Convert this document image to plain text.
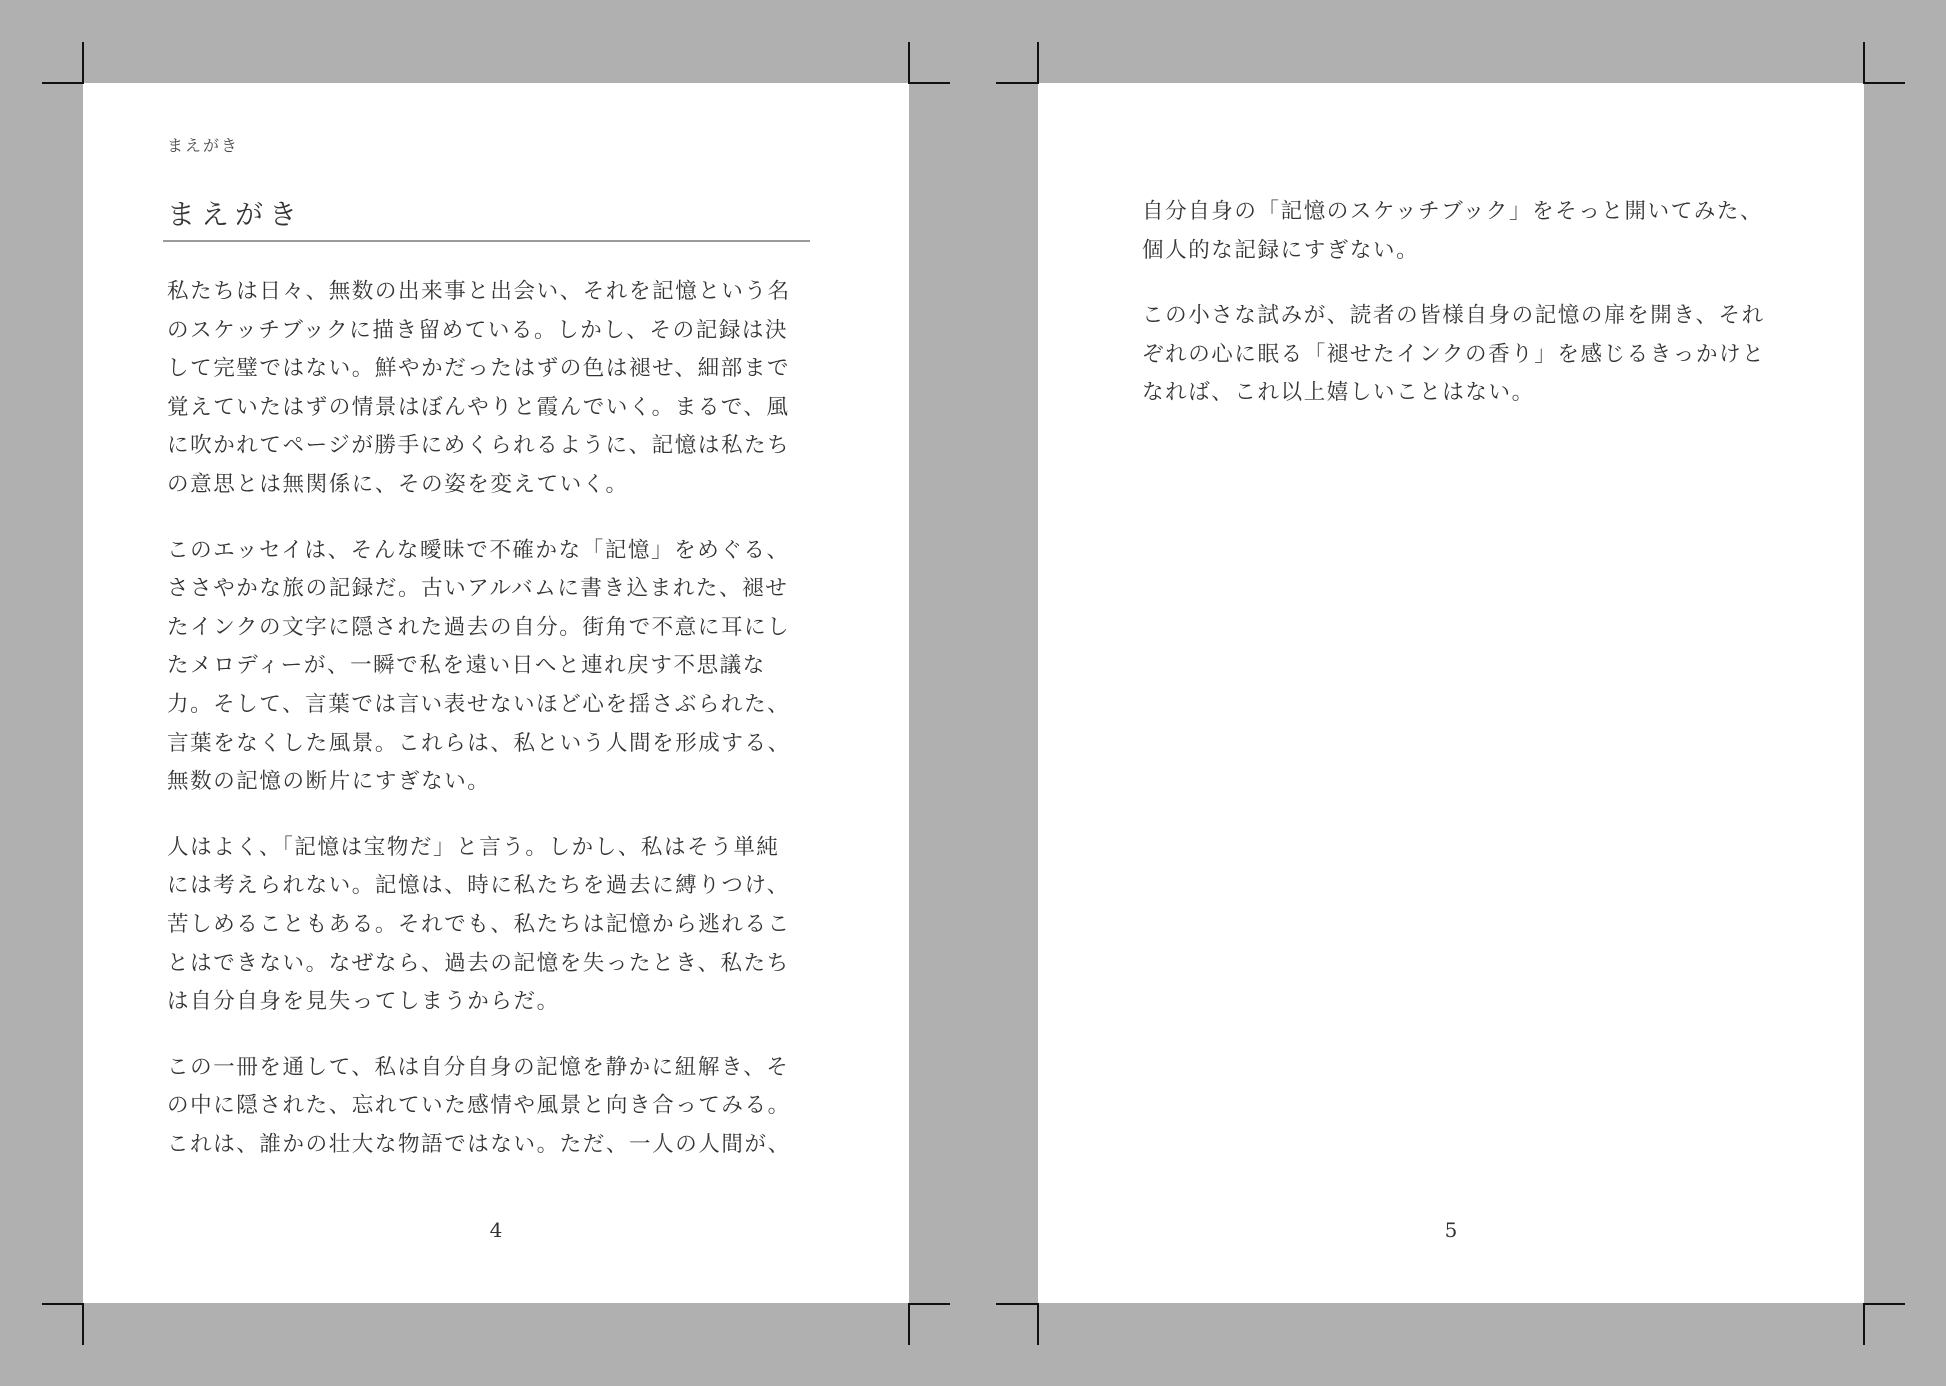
まえがき
まえがき

私たちは日々、無数の出来事と出会い、それを記憶という名
のスケッチブックに描き留めている。しかし、その記録は決
して完璧ではない。鮮やかだったはずの色は褪せ、細部まで
覚えていたはずの情景はぼんやりと霞んでいく。まるで、風
に吹かれてページが勝手にめくられるように、記憶は私たち
の意思とは無関係に、その姿を変えていく。

このエッセイは、そんな曖昧で不確かな「記憶」をめぐる、
ささやかな旅の記録だ。古いアルバムに書き込まれた、褪せ
たインクの文字に隠された過去の自分。街角で不意に耳にし
たメロディーが、一瞬で私を遠い日へと連れ戻す不思議な
力。そして、言葉では言い表せないほど心を揺さぶられた、
言葉をなくした風景。これらは、私という人間を形成する、
無数の記憶の断片にすぎない。

人はよく、「記憶は宝物だ」と言う。しかし、私はそう単純
には考えられない。記憶は、時に私たちを過去に縛りつけ、
苦しめることもある。それでも、私たちは記憶から逃れるこ
とはできない。なぜなら、過去の記憶を失ったとき、私たち
は自分自身を見失ってしまうからだ。

この一冊を通して、私は自分自身の記憶を静かに紐解き、そ
の中に隠された、忘れていた感情や風景と向き合ってみる。
これは、誰かの壮大な物語ではない。ただ、一人の人間が、

4

自分自身の「記憶のスケッチブック」をそっと開いてみた、
個人的な記録にすぎない。

この小さな試みが、読者の皆様自身の記憶の扉を開き、それ
ぞれの心に眠る「褪せたインクの香り」を感じるきっかけと
なれば、これ以上嬉しいことはない。

5
